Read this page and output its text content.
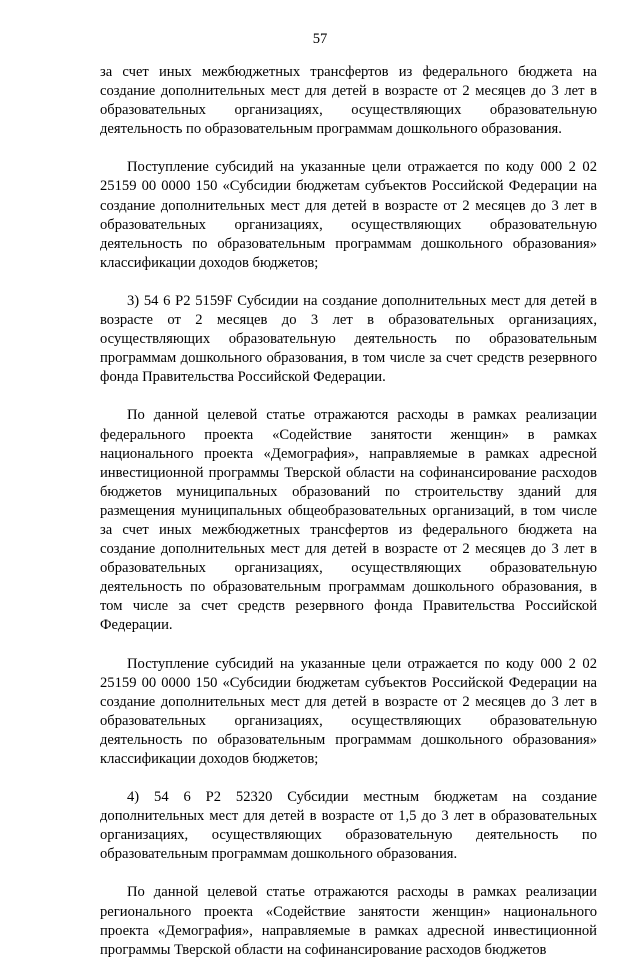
57

за счет иных межбюджетных трансфертов из федерального бюджета на создание дополнительных мест для детей в возрасте от 2 месяцев до 3 лет в образовательных организациях, осуществляющих образовательную деятельность по образовательным программам дошкольного образования.

Поступление субсидий на указанные цели отражается по коду 000 2 02 25159 00 0000 150 «Субсидии бюджетам субъектов Российской Федерации на создание дополнительных мест для детей в возрасте от 2 месяцев до 3 лет в образовательных организациях, осуществляющих образовательную деятельность по образовательным программам дошкольного образования» классификации доходов бюджетов;

3) 54 6 P2 5159F Субсидии на создание дополнительных мест для детей в возрасте от 2 месяцев до 3 лет в образовательных организациях, осуществляющих образовательную деятельность по образовательным программам дошкольного образования, в том числе за счет средств резервного фонда Правительства Российской Федерации.

По данной целевой статье отражаются расходы в рамках реализации федерального проекта «Содействие занятости женщин» в рамках национального проекта «Демография», направляемые в рамках адресной инвестиционной программы Тверской области на софинансирование расходов бюджетов муниципальных образований по строительству зданий для размещения муниципальных общеобразовательных организаций, в том числе за счет иных межбюджетных трансфертов из федерального бюджета на создание дополнительных мест для детей в возрасте от 2 месяцев до 3 лет в образовательных организациях, осуществляющих образовательную деятельность по образовательным программам дошкольного образования, в том числе за счет средств резервного фонда Правительства Российской Федерации.

Поступление субсидий на указанные цели отражается по коду 000 2 02 25159 00 0000 150 «Субсидии бюджетам субъектов Российской Федерации на создание дополнительных мест для детей в возрасте от 2 месяцев до 3 лет в образовательных организациях, осуществляющих образовательную деятельность по образовательным программам дошкольного образования» классификации доходов бюджетов;

4) 54 6 P2 52320 Субсидии местным бюджетам на создание дополнительных мест для детей в возрасте от 1,5 до 3 лет в образовательных организациях, осуществляющих образовательную деятельность по образовательным программам дошкольного образования.

По данной целевой статье отражаются расходы в рамках реализации регионального проекта «Содействие занятости женщин» национального проекта «Демография», направляемые в рамках адресной инвестиционной программы Тверской области на софинансирование расходов бюджетов
